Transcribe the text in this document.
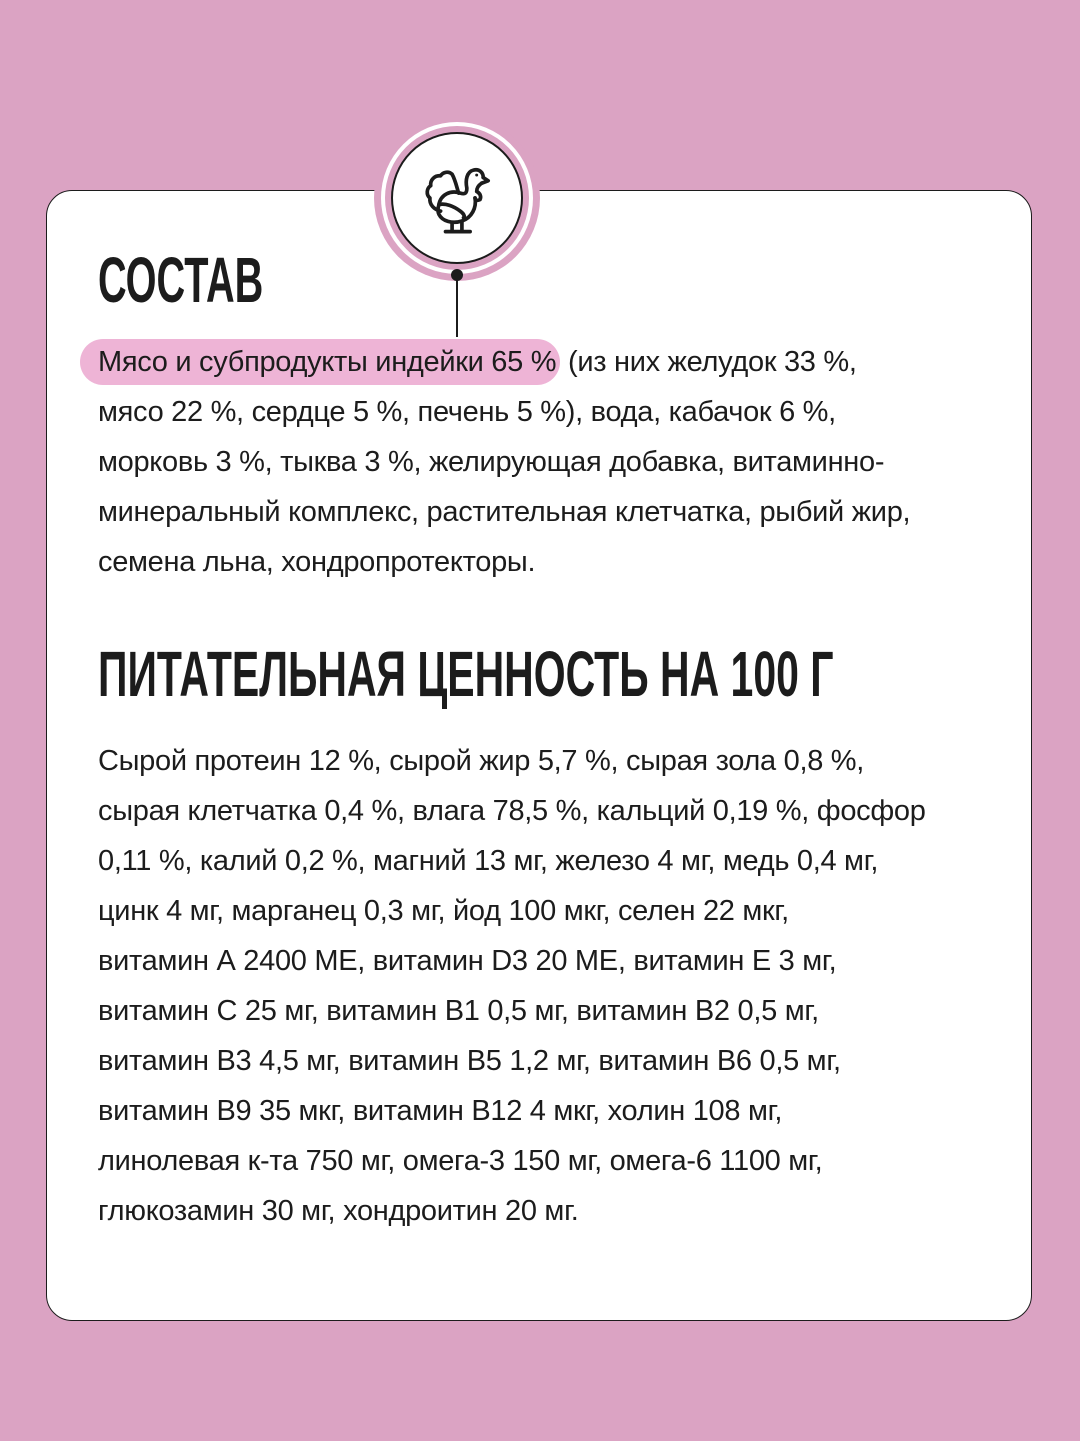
СОСТАВ

Мясо и субпродукты индейки 65 % (из них желудок 33 %,
мясо 22 %, сердце 5 %, печень 5 %), вода, кабачок 6 %,
морковь 3 %, тыква 3 %, желирующая добавка, витаминно-
минеральный комплекс, растительная клетчатка, рыбий жир,
семена льна, хондропротекторы.

ПИТАТЕЛЬНАЯ ЦЕННОСТЬ НА 100 Г

Сырой протеин 12 %, сырой жир 5,7 %, сырая зола 0,8 %,
сырая клетчатка 0,4 %, влага 78,5 %, кальций 0,19 %, фосфор
0,11 %, калий 0,2 %, магний 13 мг, железо 4 мг, медь 0,4 мг,
цинк 4 мг, марганец 0,3 мг, йод 100 мкг, селен 22 мкг,
витамин А 2400 МЕ, витамин D3 20 МЕ, витамин Е 3 мг,
витамин С 25 мг, витамин В1 0,5 мг, витамин В2 0,5 мг,
витамин В3 4,5 мг, витамин В5 1,2 мг, витамин В6 0,5 мг,
витамин В9 35 мкг, витамин В12 4 мкг, холин 108 мг,
линолевая к-та 750 мг, омега-3 150 мг, омега-6 1100 мг,
глюкозамин 30 мг, хондроитин 20 мг.
